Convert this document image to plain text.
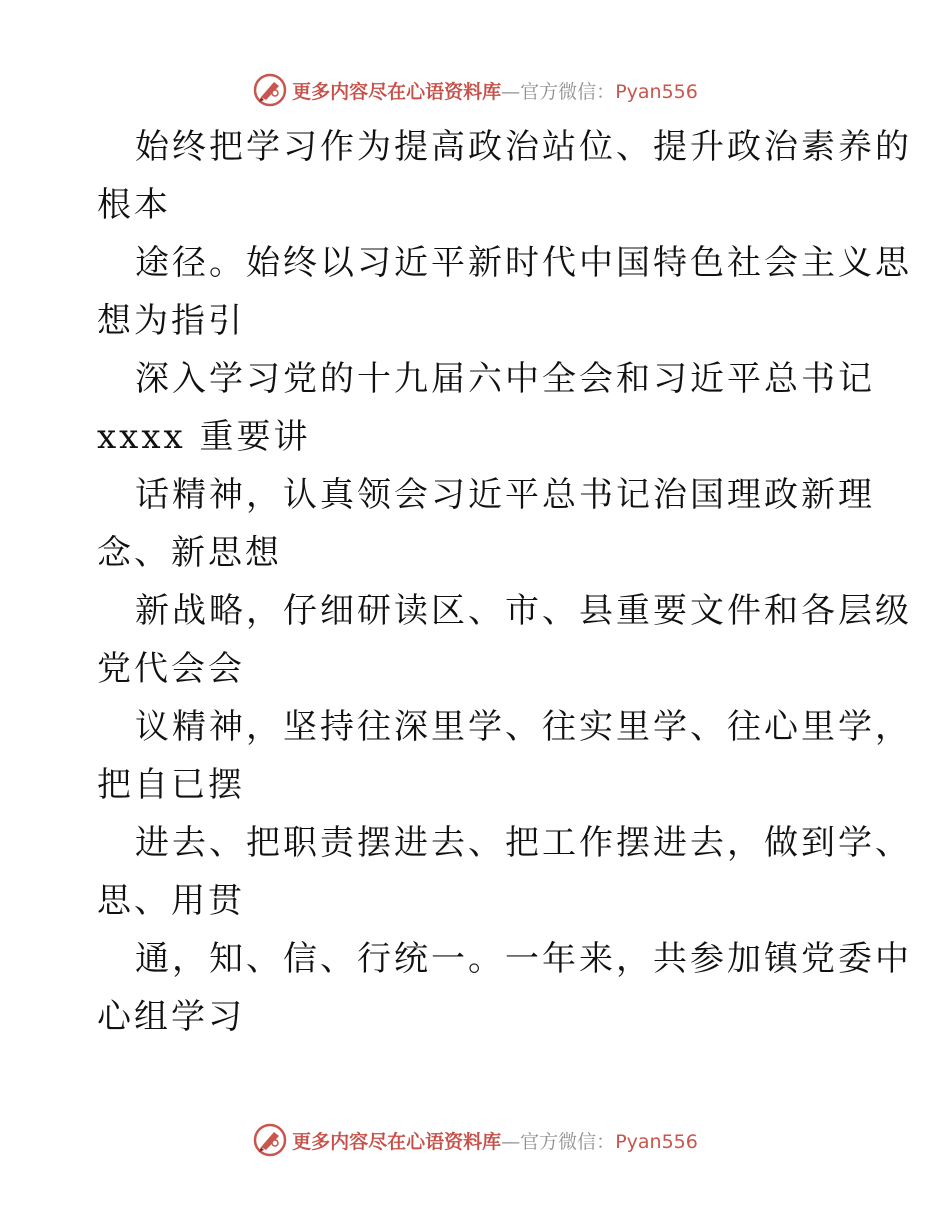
更多内容尽在心语资料库—官方微信：Pyan556
始终把学习作为提高政治站位、提升政治素养的
根本
途径。始终以习近平新时代中国特色社会主义思
想为指引
深入学习党的十九届六中全会和习近平总书记
xxxx 重要讲
话精神，认真领会习近平总书记治国理政新理
念、新思想
新战略，仔细研读区、市、县重要文件和各层级
党代会会
议精神，坚持往深里学、往实里学、往心里学，
把自已摆
进去、把职责摆进去、把工作摆进去，做到学、
思、用贯
通，知、信、行统一。一年来，共参加镇党委中
心组学习
更多内容尽在心语资料库—官方微信：Pyan556
